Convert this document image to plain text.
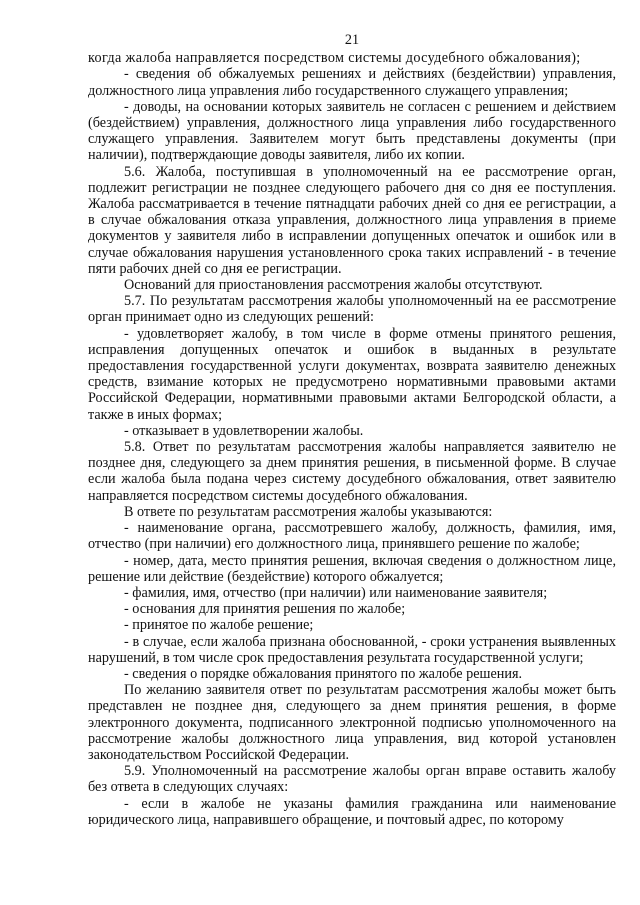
21

когда жалоба направляется посредством системы досудебного обжалования);

- сведения об обжалуемых решениях и действиях (бездействии) управления, должностного лица управления либо государственного служащего управления;

- доводы, на основании которых заявитель не согласен с решением и действием (бездействием) управления, должностного лица управления либо государственного служащего управления. Заявителем могут быть представлены документы (при наличии), подтверждающие доводы заявителя, либо их копии.

5.6. Жалоба, поступившая в уполномоченный на ее рассмотрение орган, подлежит регистрации не позднее следующего рабочего дня со дня ее поступления. Жалоба рассматривается в течение пятнадцати рабочих дней со дня ее регистрации, а в случае обжалования отказа управления, должностного лица управления в приеме документов у заявителя либо в исправлении допущенных опечаток и ошибок или в случае обжалования нарушения установленного срока таких исправлений - в течение пяти рабочих дней со дня ее регистрации.

Оснований для приостановления рассмотрения жалобы отсутствуют.

5.7. По результатам рассмотрения жалобы уполномоченный на ее рассмотрение орган принимает одно из следующих решений:

- удовлетворяет жалобу, в том числе в форме отмены принятого решения, исправления допущенных опечаток и ошибок в выданных в результате предоставления государственной услуги документах, возврата заявителю денежных средств, взимание которых не предусмотрено нормативными правовыми актами Российской Федерации, нормативными правовыми актами Белгородской области, а также в иных формах;

- отказывает в удовлетворении жалобы.

5.8. Ответ по результатам рассмотрения жалобы направляется заявителю не позднее дня, следующего за днем принятия решения, в письменной форме. В случае если жалоба была подана через систему досудебного обжалования, ответ заявителю направляется посредством системы досудебного обжалования.

В ответе по результатам рассмотрения жалобы указываются:

- наименование органа, рассмотревшего жалобу, должность, фамилия, имя, отчество (при наличии) его должностного лица, принявшего решение по жалобе;

- номер, дата, место принятия решения, включая сведения о должностном лице, решение или действие (бездействие) которого обжалуется;

- фамилия, имя, отчество (при наличии) или наименование заявителя;

- основания для принятия решения по жалобе;

- принятое по жалобе решение;

- в случае, если жалоба признана обоснованной, - сроки устранения выявленных нарушений, в том числе срок предоставления результата государственной услуги;

- сведения о порядке обжалования принятого по жалобе решения.

По желанию заявителя ответ по результатам рассмотрения жалобы может быть представлен не позднее дня, следующего за днем принятия решения, в форме электронного документа, подписанного электронной подписью уполномоченного на рассмотрение жалобы должностного лица управления, вид которой установлен законодательством Российской Федерации.

5.9. Уполномоченный на рассмотрение жалобы орган вправе оставить жалобу без ответа в следующих случаях:

- если в жалобе не указаны фамилия гражданина или наименование юридического лица, направившего обращение, и почтовый адрес, по которому
